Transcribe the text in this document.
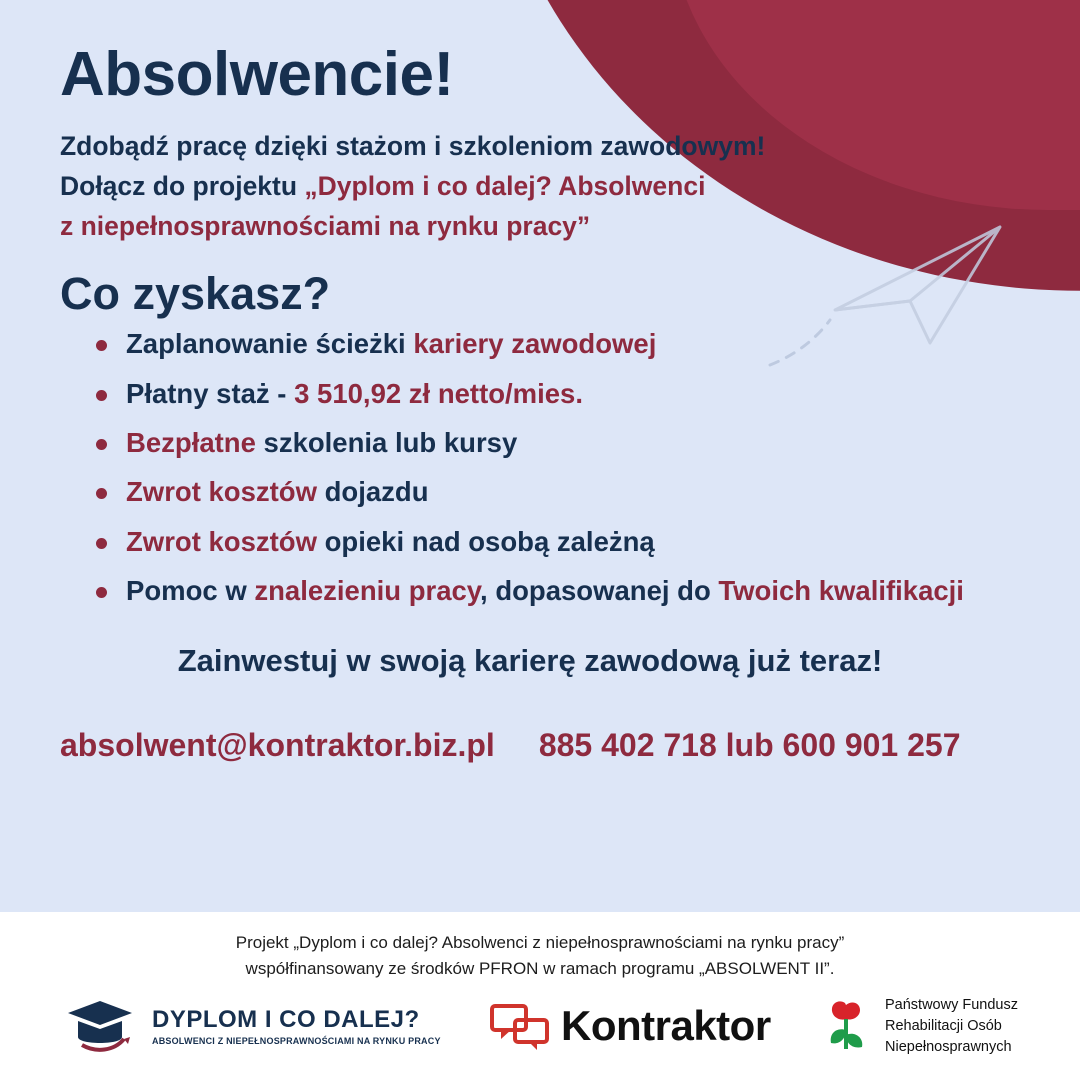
Absolwencie!
Zdobądź pracę dzięki stażom i szkoleniom zawodowym!
Dołącz do projektu „Dyplom i co dalej? Absolwenci
z niepełnosprawnościami na rynku pracy”
Co zyskasz?
Zaplanowanie ścieżki kariery zawodowej
Płatny staż - 3 510,92 zł netto/mies.
Bezpłatne szkolenia lub kursy
Zwrot kosztów dojazdu
Zwrot kosztów opieki nad osobą zależną
Pomoc w znalezieniu pracy, dopasowanej do Twoich kwalifikacji
Zainwestuj w swoją karierę zawodową już teraz!
absolwent@kontraktor.biz.pl 885 402 718 lub 600 901 257
Projekt „Dyplom i co dalej? Absolwenci z niepełnosprawnościami na rynku pracy”
współfinansowany ze środków PFRON w ramach programu „ABSOLWENT II”.
DYPLOM I CO DALEJ?
ABSOLWENCI Z NIEPEŁNOSPRAWNOŚCIAMI NA RYNKU PRACY	Kontraktor	Państwowy Fundusz
Rehabilitacji Osób
Niepełnosprawnych
